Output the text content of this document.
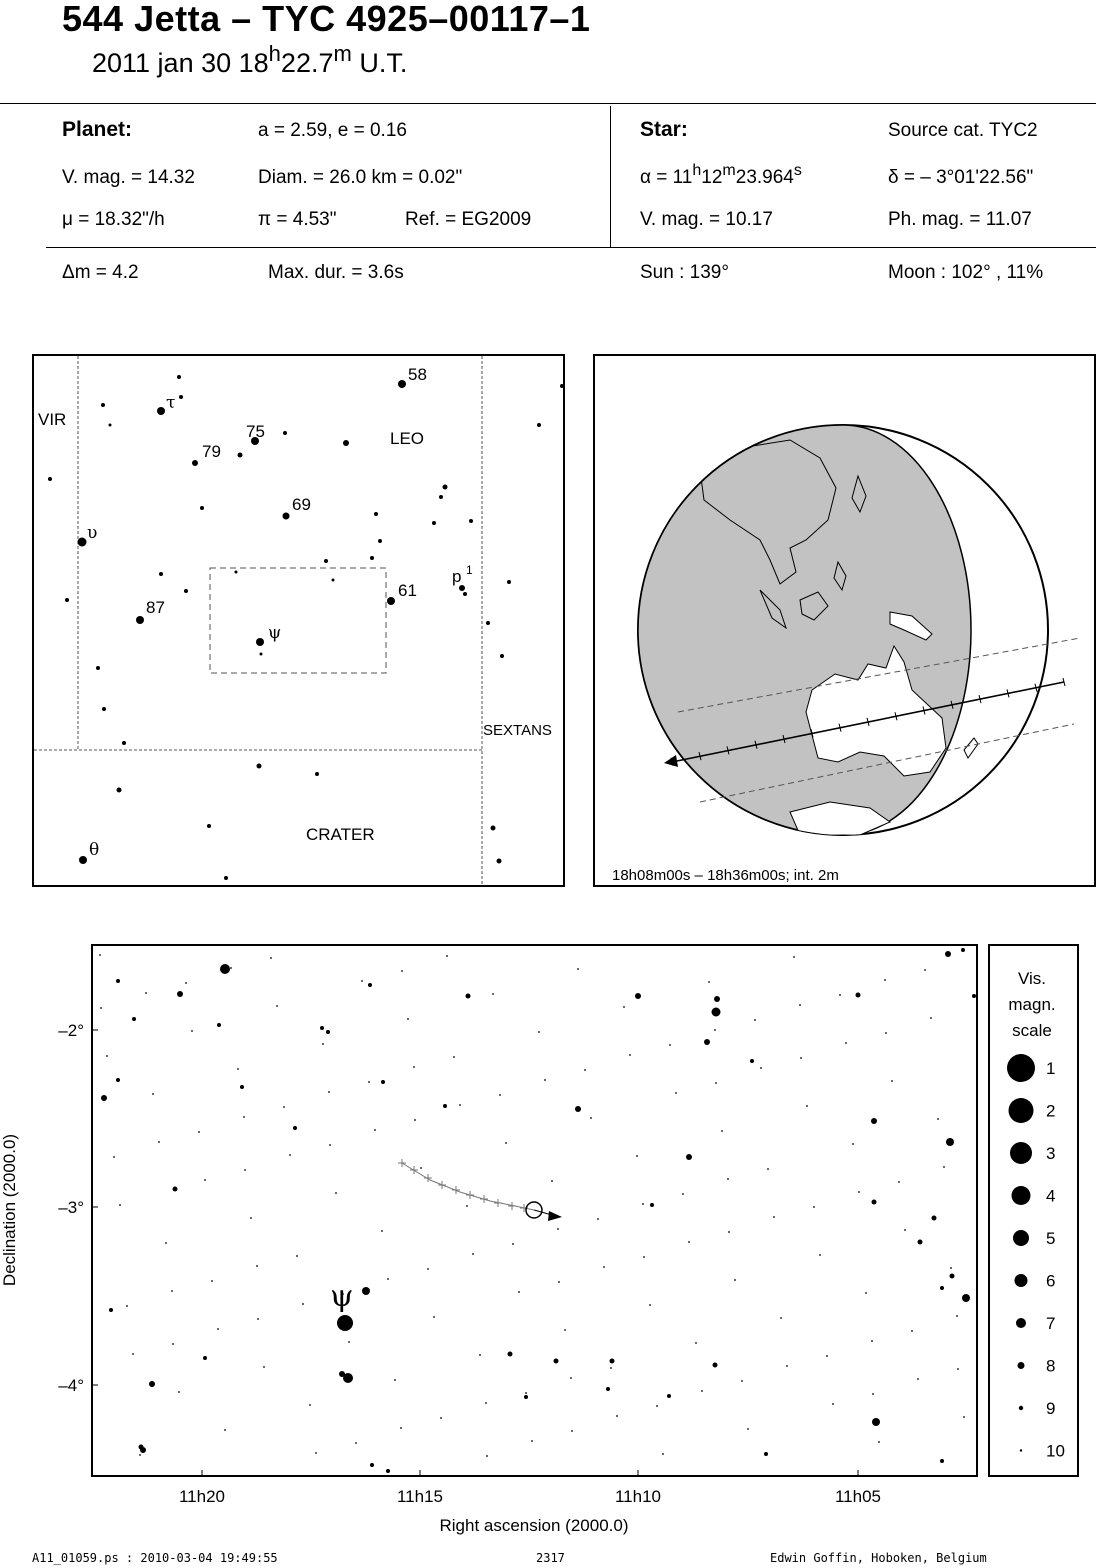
544 Jetta – TYC 4925–00117–1
2011 jan 30 18$^h$22.7$^m$ U.T.
Planet:	a = 2.59, e = 0.16
V. mag. = 14.32	Diam. = 26.0 km = 0.02"
μ = 18.32"/h	π = 4.53"	Ref. = EG2009
Star:	Source cat. TYC2
$\alpha = 11^h12^m23.964^s$	δ = – 3°01'22.56"
V. mag. = 10.17	Ph. mag. = 11.07
Δm = 4.2	Max. dur. = 3.6s	Sun : 139°	Moon : 102° , 11%
VIR
LEO
SEXTANS
CRATER
58
τ
75
79
69
υ
p 1
61
87
ψ
θ
18h08m00s – 18h36m00s; int. 2m
11h20	11h15	11h10	11h05
Right ascension (2000.0)
–2°
–3°
–4°
Declination (2000.0)
ψ
Vis.
magn.
scale
1
2
3
4
5
6
7
8
9
10
A11_01059.ps : 2010-03-04 19:49:55	2317	Edwin Goffin, Hoboken, Belgium
